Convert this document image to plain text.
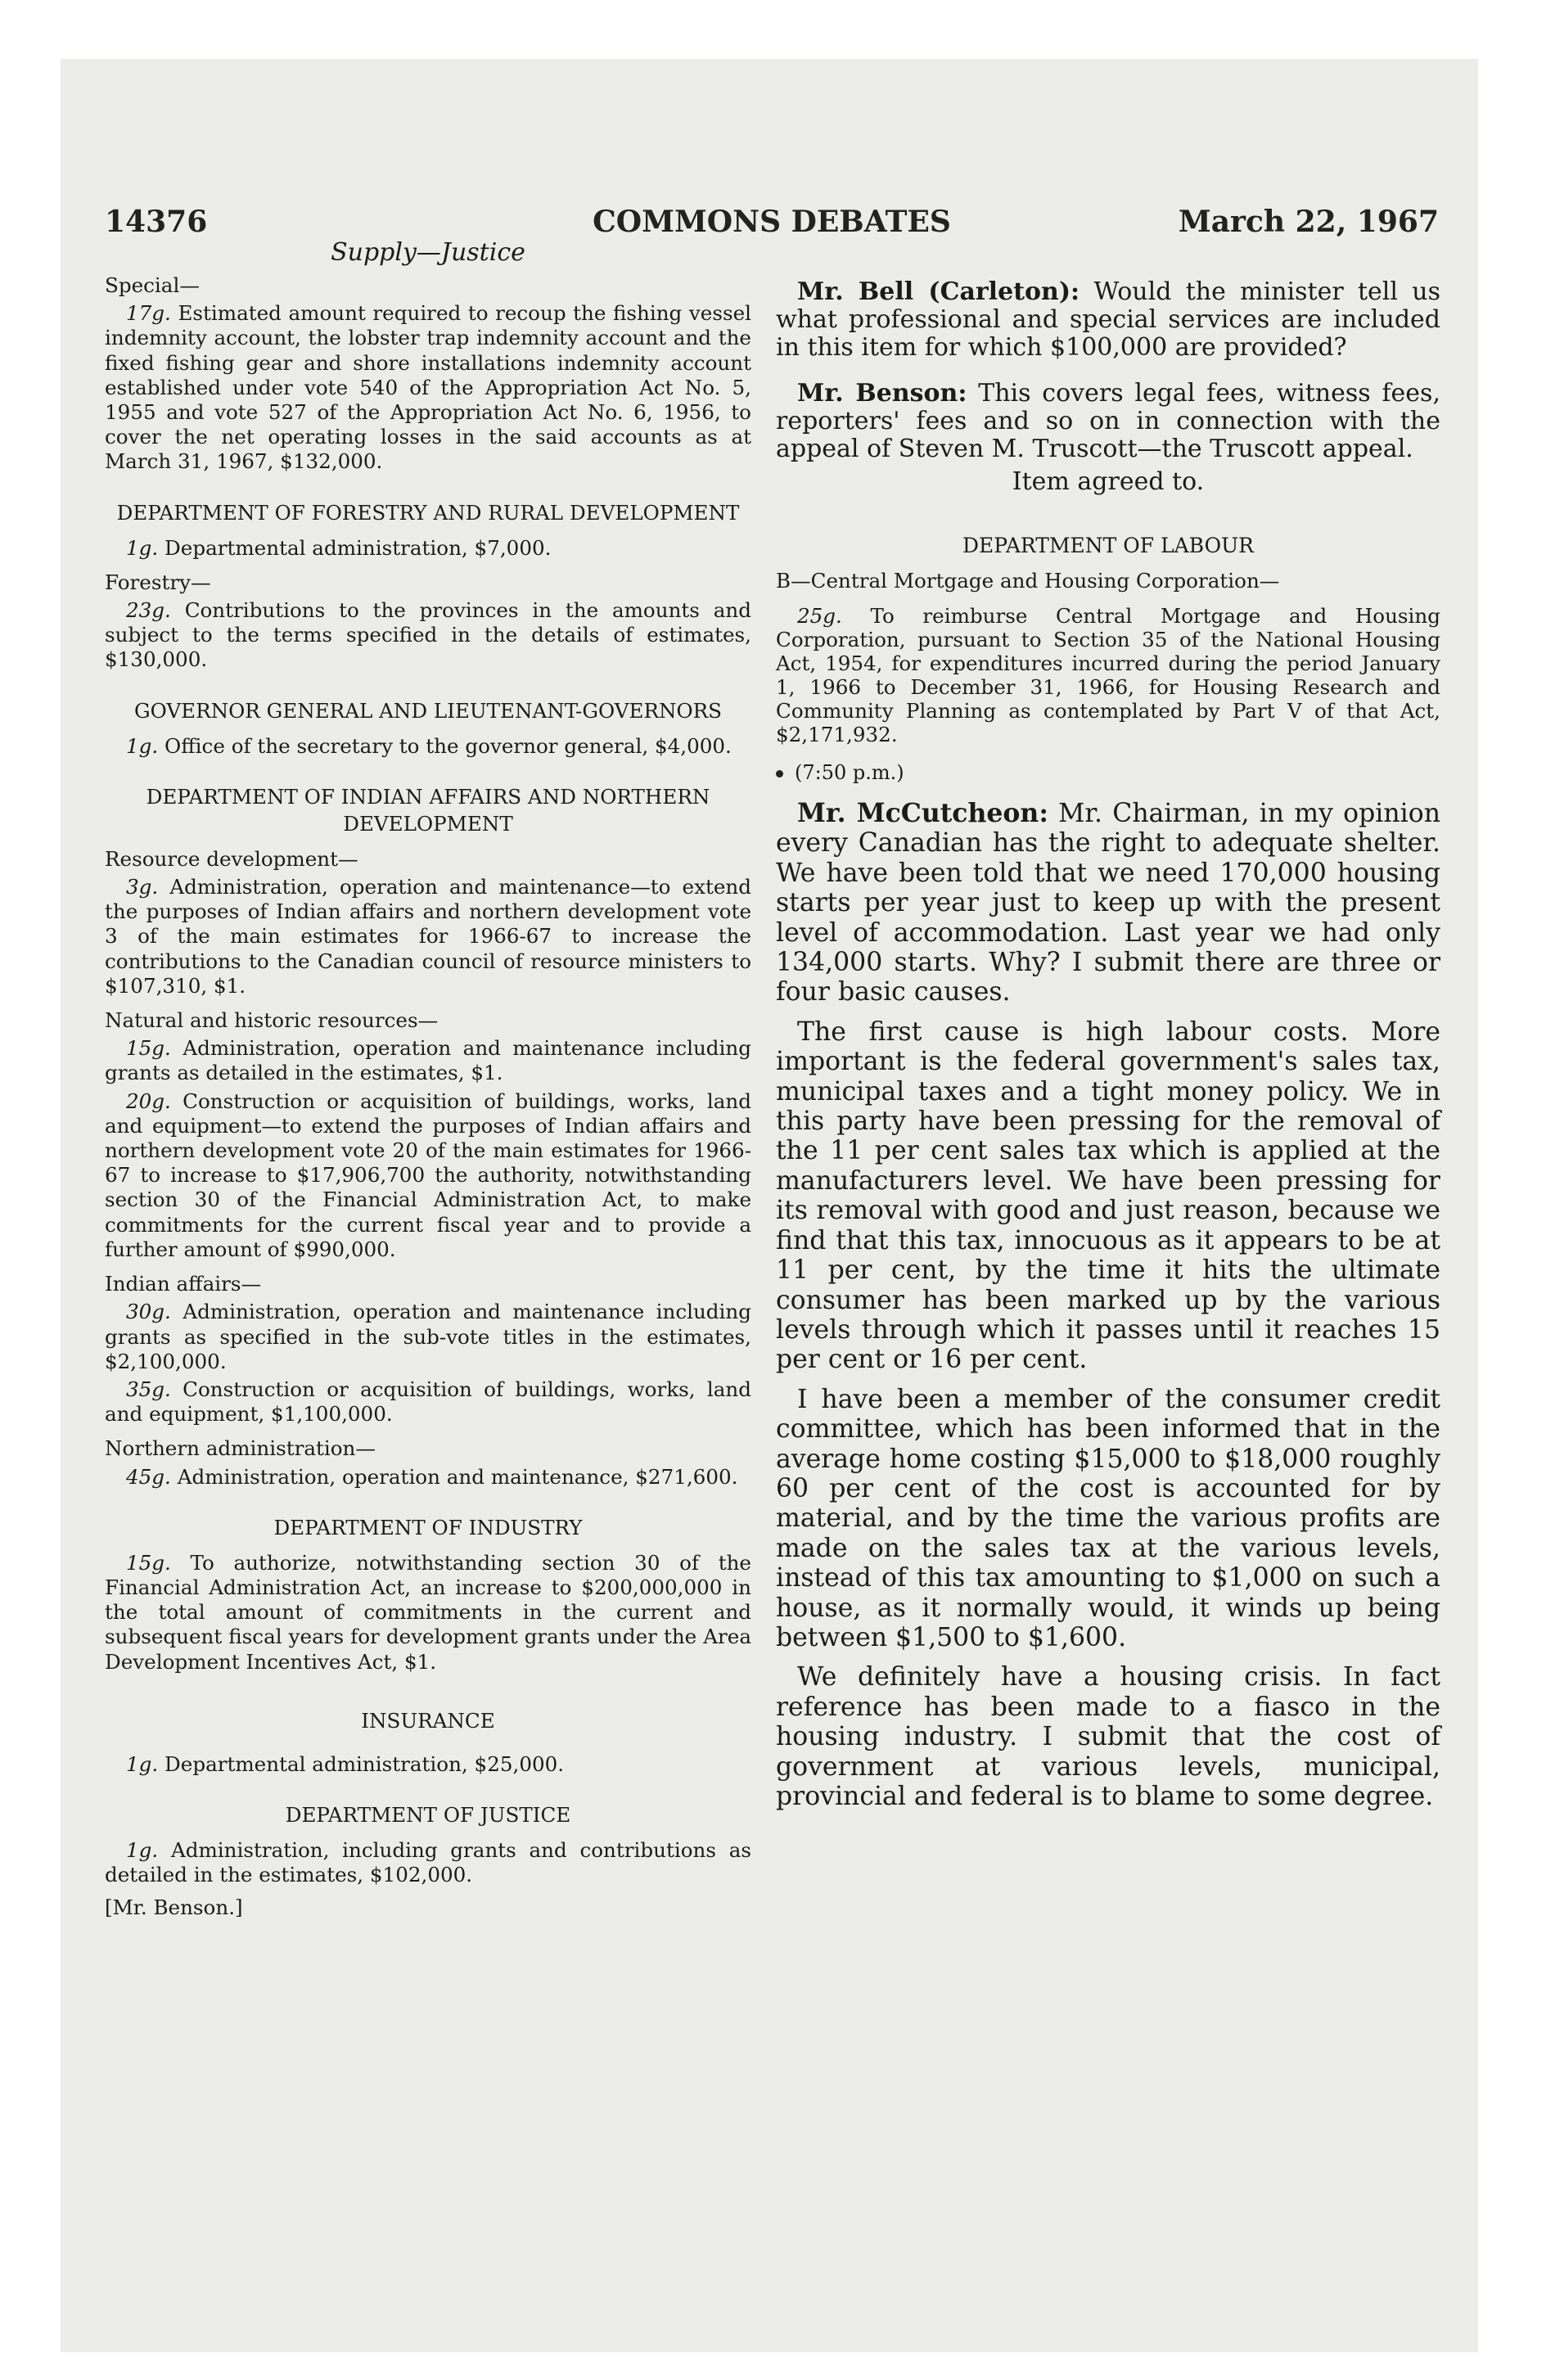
14376	COMMONS DEBATES	March 22, 1967

Supply—Justice

Special—

17g. Estimated amount required to recoup the fishing vessel indemnity account, the lobster trap indemnity account and the fixed fishing gear and shore installations indemnity account established under vote 540 of the Appropriation Act No. 5, 1955 and vote 527 of the Appropriation Act No. 6, 1956, to cover the net operating losses in the said accounts as at March 31, 1967, $132,000.

DEPARTMENT OF FORESTRY AND RURAL DEVELOPMENT

1g. Departmental administration, $7,000.

Forestry—

23g. Contributions to the provinces in the amounts and subject to the terms specified in the details of estimates, $130,000.

GOVERNOR GENERAL AND LIEUTENANT-GOVERNORS

1g. Office of the secretary to the governor general, $4,000.

DEPARTMENT OF INDIAN AFFAIRS AND NORTHERN DEVELOPMENT

Resource development—

3g. Administration, operation and maintenance—to extend the purposes of Indian affairs and northern development vote 3 of the main estimates for 1966-67 to increase the contributions to the Canadian council of resource ministers to $107,310, $1.

Natural and historic resources—

15g. Administration, operation and maintenance including grants as detailed in the estimates, $1.

20g. Construction or acquisition of buildings, works, land and equipment—to extend the purposes of Indian affairs and northern development vote 20 of the main estimates for 1966-67 to increase to $17,906,700 the authority, notwithstanding section 30 of the Financial Administration Act, to make commitments for the current fiscal year and to provide a further amount of $990,000.

Indian affairs—

30g. Administration, operation and maintenance including grants as specified in the sub-vote titles in the estimates, $2,100,000.

35g. Construction or acquisition of buildings, works, land and equipment, $1,100,000.

Northern administration—

45g. Administration, operation and maintenance, $271,600.

DEPARTMENT OF INDUSTRY

15g. To authorize, notwithstanding section 30 of the Financial Administration Act, an increase to $200,000,000 in the total amount of commitments in the current and subsequent fiscal years for development grants under the Area Development Incentives Act, $1.

INSURANCE

1g. Departmental administration, $25,000.

DEPARTMENT OF JUSTICE

1g. Administration, including grants and contributions as detailed in the estimates, $102,000.

[Mr. Benson.]

Mr. Bell (Carleton): Would the minister tell us what professional and special services are included in this item for which $100,000 are provided?

Mr. Benson: This covers legal fees, witness fees, reporters' fees and so on in connection with the appeal of Steven M. Truscott—the Truscott appeal.

Item agreed to.

DEPARTMENT OF LABOUR

B—Central Mortgage and Housing Corporation—

25g. To reimburse Central Mortgage and Housing Corporation, pursuant to Section 35 of the National Housing Act, 1954, for expenditures incurred during the period January 1, 1966 to December 31, 1966, for Housing Research and Community Planning as contemplated by Part V of that Act, $2,171,932.

(7:50 p.m.)

Mr. McCutcheon: Mr. Chairman, in my opinion every Canadian has the right to adequate shelter. We have been told that we need 170,000 housing starts per year just to keep up with the present level of accommodation. Last year we had only 134,000 starts. Why? I submit there are three or four basic causes.

The first cause is high labour costs. More important is the federal government's sales tax, municipal taxes and a tight money policy. We in this party have been pressing for the removal of the 11 per cent sales tax which is applied at the manufacturers level. We have been pressing for its removal with good and just reason, because we find that this tax, innocuous as it appears to be at 11 per cent, by the time it hits the ultimate consumer has been marked up by the various levels through which it passes until it reaches 15 per cent or 16 per cent.

I have been a member of the consumer credit committee, which has been informed that in the average home costing $15,000 to $18,000 roughly 60 per cent of the cost is accounted for by material, and by the time the various profits are made on the sales tax at the various levels, instead of this tax amounting to $1,000 on such a house, as it normally would, it winds up being between $1,500 to $1,600.

We definitely have a housing crisis. In fact reference has been made to a fiasco in the housing industry. I submit that the cost of government at various levels, municipal, provincial and federal is to blame to some degree.
